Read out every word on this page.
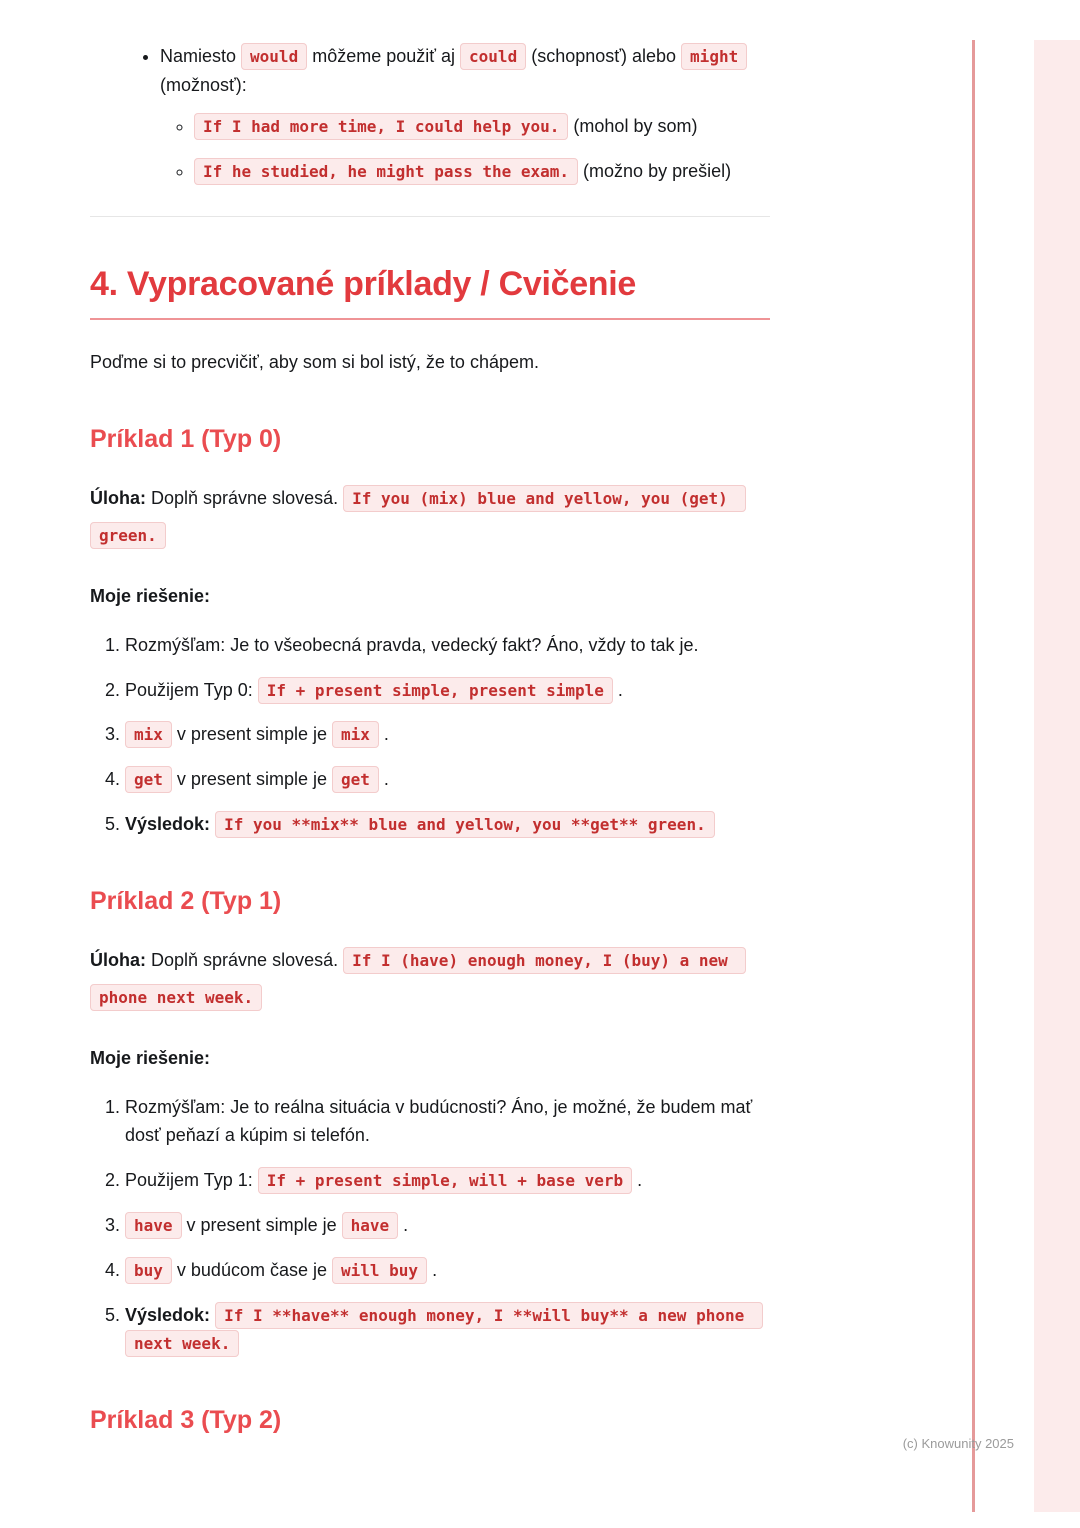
• Namiesto would môžeme použiť aj could (schopnosť) alebo might (možnosť):
◦ If I had more time, I could help you. (mohol by som)
◦ If he studied, he might pass the exam. (možno by prešiel)
4. Vypracované príklady / Cvičenie

Poďme si to precvičiť, aby som si bol istý, že to chápem.

Príklad 1 (Typ 0)

Úloha: Doplň správne slovesá. If you (mix) blue and yellow, you (get) green.

Moje riešenie:

1. Rozmýšľam: Je to všeobecná pravda, vedecký fakt? Áno, vždy to tak je.
2. Použijem Typ 0: If + present simple, present simple .
3. mix v present simple je mix .
4. get v present simple je get .
5. Výsledok: If you **mix** blue and yellow, you **get** green.
Príklad 2 (Typ 1)

Úloha: Doplň správne slovesá. If I (have) enough money, I (buy) a new phone next week.

Moje riešenie:

1. Rozmýšľam: Je to reálna situácia v budúcnosti? Áno, je možné, že budem mať dosť peňazí a kúpim si telefón.
2. Použijem Typ 1: If + present simple, will + base verb .
3. have v present simple je have .
4. buy v budúcom čase je will buy .
5. Výsledok: If I **have** enough money, I **will buy** a new phone next week.
Príklad 3 (Typ 2)
(c) Knowunity 2025
